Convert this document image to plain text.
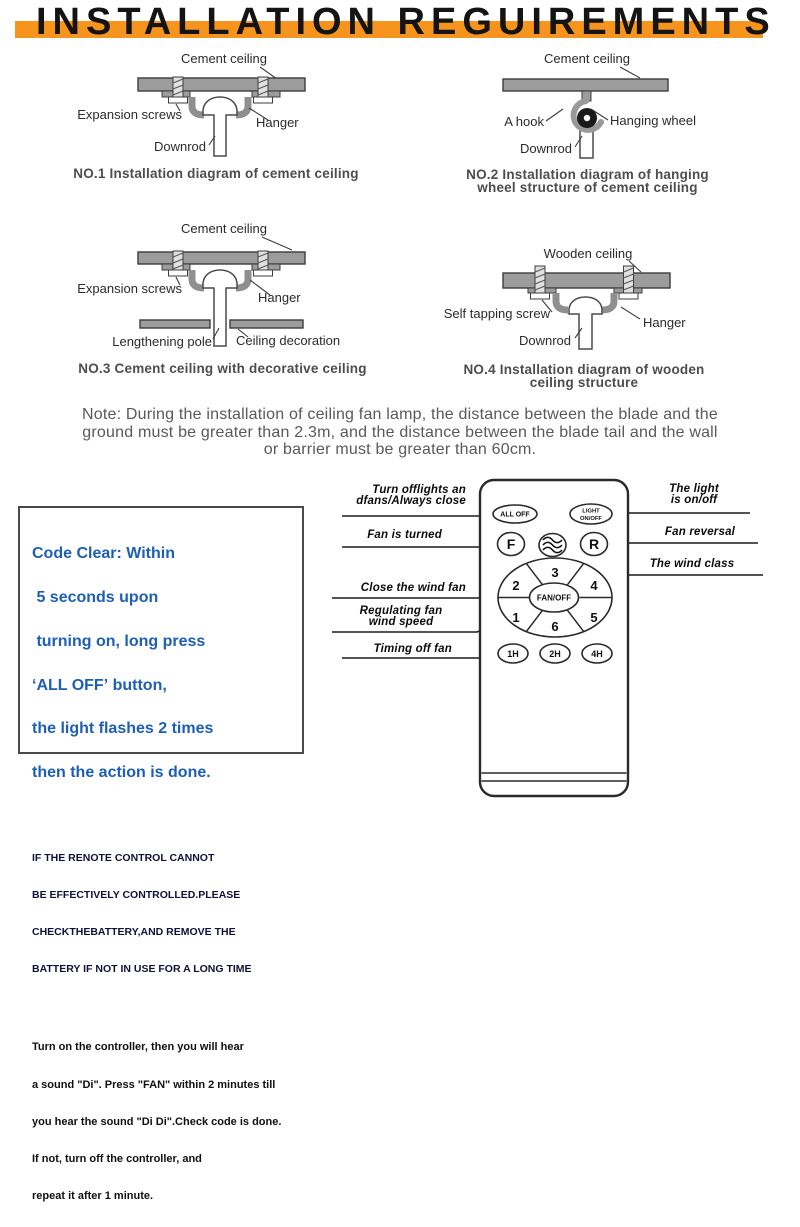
INSTALLATION REGUIREMENTS
Cement ceiling
Expansion screws
Hanger
Downrod
NO.1 Installation diagram of cement ceiling
Cement ceiling
A hook	Hanging wheel
Downrod
NO.2 Installation diagram of hanging
wheel structure of cement ceiling
Cement ceiling
Expansion screws
Hanger
Lengthening pole Ceiling decoration
NO.3 Cement ceiling with decorative ceiling
Wooden ceiling
Self tapping screw
Hanger
Downrod
NO.4 Installation diagram of wooden
ceiling structure
Note: During the installation of ceiling fan lamp, the distance between the blade and the
ground must be greater than 2.3m, and the distance between the blade tail and the wall
or barrier must be greater than 60cm.

Code Clear: Within

5 seconds upon

turning on, long press

ʻALL OFFʼ button,

the light flashes 2 times

then the action is done.

IF THE RENOTE CONTROL CANNOT

BE EFFECTIVELY CONTROLLED.PLEASE

CHECKTHEBATTERY,AND REMOVE THE

BATTERY IF NOT IN USE FOR A LONG TIME

Turn on the controller, then you will hear

a sound "Di". Press "FAN" within 2 minutes till

you hear the sound "Di Di".Check code is done.

If not, turn off the controller, and

repeat it after 1 minute.

ALL OFF	LIGHT
ON/OFF
F	R
FAN/OFF
3
2	4
1	5
6
1H	2H	4H
Turn offlights an
dfans/Always close
Fan is turned
Close the wind fan
Regulating fan
wind speed
Timing off fan
The light
is on/off
Fan reversal
The wind class
